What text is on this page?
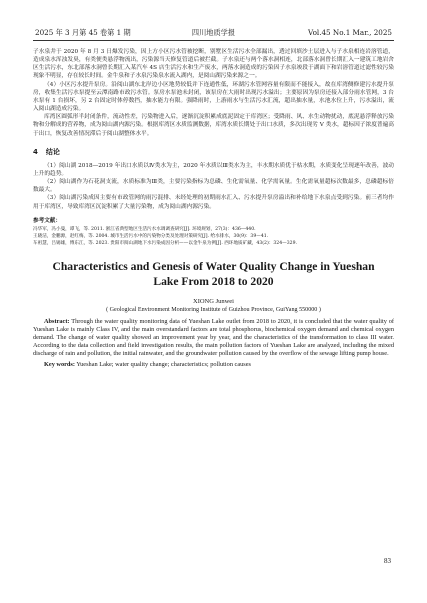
2025 年 3 月第 45 卷第 1 期	四川地质学报	Vol.45 No.1 Mar., 2025

子水泉井于 2020 年 8 月 3 日爆发污染，因上方小区污水管被挖断，别墅区生活污水全部漏出，透过回填沙土层进入与子水泉相连岩溶管道，造成泉水浑浊发臭，有类便类悬浮物流出，污染源当天修复管道后被拦截。子水泉还与两个落水洞相连，北部落水洞曾长期汇入一建筑工地岩舍区生活污水，东北部落水洞曾长期汇入某汽车 4S 店生活污水和生产废水，两落水洞造成的污染因子水泉竣段于湖面下和岩溶管道过滤性较污染现象不明显，存在较长时间。金牛泉和子水泉污染泉水流入湖内，是阅山湖污染来源之一。

（4）小区污水提升泵房。沿阅山湖东北岸边小区地势较低并下连通性低，环湖污水管网容量有限而不能接入，故在库湾侧修建污水提升泵房，收集生活污水泵提至云潭南路市政污水管。泵房水泵池未封闭，该泵房在大雨时出现污水溢出；主要原因为泵房还接入部分雨水管网，3 台水泵有 1 台损坏，另 2 台固定时体停数挡，抽水能力有限。强降雨时，上游雨水与生活污水汇流，超出抽水量，水池水位上升，污水溢出，流入阅山湖造成污染。

库湾区圆弧形半封闭条件，流动性差，污染物进入后，逐渐沉淀积累成底泥固定于库湾区；受降雨、风、水生动物扰动，底泥悬浮释放污染物和分解成的营养物，成为阅山湖内源污染。根据库湾区水质监测数据，库湾水质长期处于出口水质，多次出现劣 V 类水，超标因子浓度普遍高于出口，恢复改善情况滞后于阅山湖整体水平。

4 结论

（1）阅山湖 2018—2019 年出口水质以Ⅳ类水为主，2020 年水质以Ⅲ类水为主，丰水期水质优于枯水期，水质变化呈现逐年改善，波动上升的趋势。

（2）阅山湖作为石花洞支流，水质标准为Ⅲ类，主要污染指标为总磷、生化需氧量、化学需氧量。生化需氧量超标次数最多，总磷超标倍数最大。

（3）阅山湖污染成因主要有市政管网的雨污混排、未经处理的初期雨水汇入、污水提升泵房溢出和补给地下水泉点受到污染。前三者均作用于库湾区，导致库湾区沉淀积累了大量污染物，成为阅山湖内源污染。

参考文献：
冯华军，冯小曼，谭飞，等. 2011. 浙江省典型地区生活污水水调调查研究[J]. 环境规划，27(3)：436—440.
王晓洁，金鹏源，赵红梅，等. 2004. 城市生活污水中的污染物分类及处理对策研究[J]. 给水排水，30(9)：39—41.
车祖慧，吕锡雄，傅东江，等. 2023. 贵阳市阅山湖地下水污染成因分析——以金牛泉为例[J]. 西环地质矿藏，43(2)：324—329.
Characteristics and Genesis of Water Quality Change in Yueshan Lake From 2018 to 2020
XIONG Junwei
( Geological Environment Monitoring Institute of Guizhou Province, GuiYang 550000 )
Abstract: Through the water quality monitoring data of Yueshan Lake outlet from 2018 to 2020, it is concluded that the water quality of Yueshan Lake is mainly Class IV, and the main overstandard factors are total phosphorus, biochemical oxygen demand and chemical oxygen demand. The change of water quality showed an improvement year by year, and the characteristics of the transformation to class III water. According to the data collection and field investigation results, the main pollution factors of Yueshan Lake are analyzed, including the mixed discharge of rain and pollution, the initial rainwater, and the groundwater pollution caused by the overflow of the sewage lifting pump house.
Key words: Yueshan Lake; water quality change; characteristics; pollution causes
83
